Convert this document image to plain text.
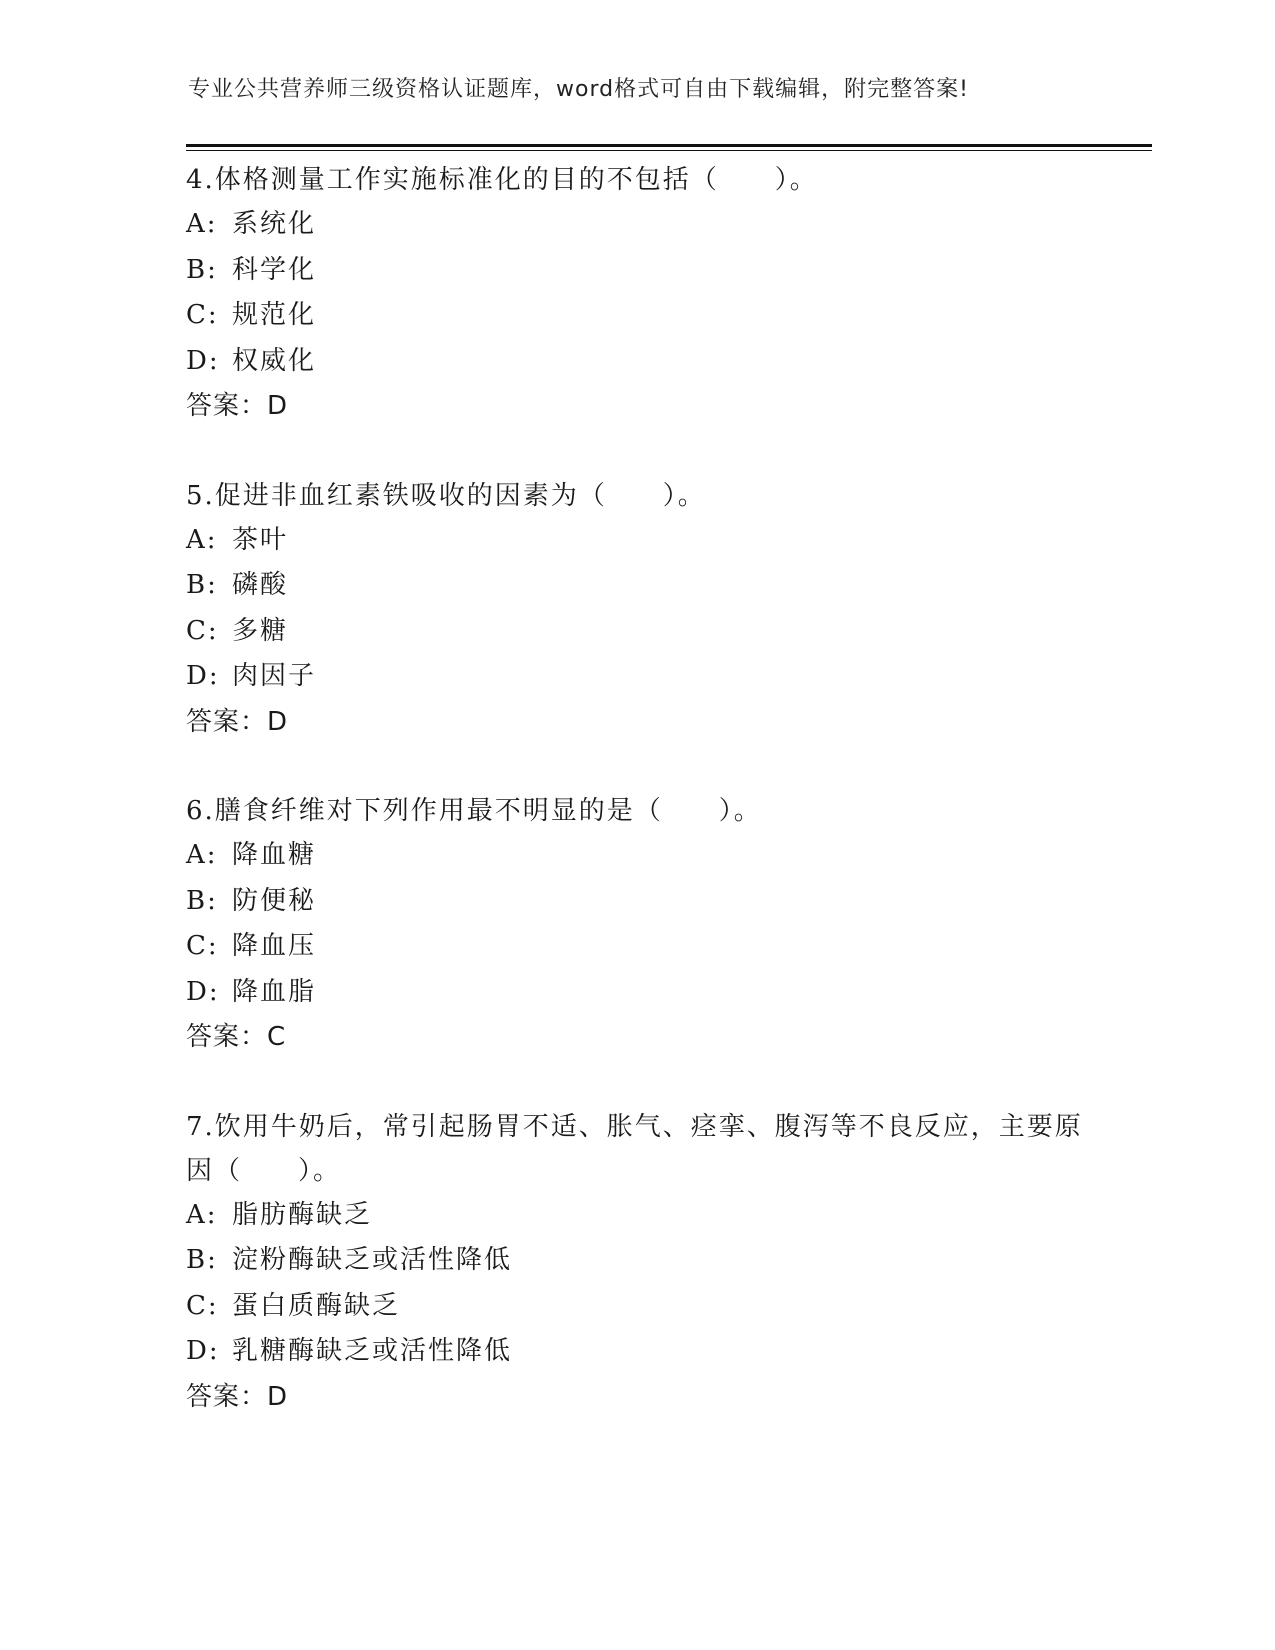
专业公共营养师三级资格认证题库，word格式可自由下载编辑，附完整答案!
4.体格测量工作实施标准化的目的不包括（　　）。
A: 系统化
B: 科学化
C: 规范化
D: 权威化
答案：D
5.促进非血红素铁吸收的因素为（　　）。
A: 茶叶
B: 磷酸
C: 多糖
D: 肉因子
答案：D
6.膳食纤维对下列作用最不明显的是（　　）。
A: 降血糖
B: 防便秘
C: 降血压
D: 降血脂
答案：C
7.饮用牛奶后，常引起肠胃不适、胀气、痉挛、腹泻等不良反应，主要原因（　　）。
A: 脂肪酶缺乏
B: 淀粉酶缺乏或活性降低
C: 蛋白质酶缺乏
D: 乳糖酶缺乏或活性降低
答案：D
